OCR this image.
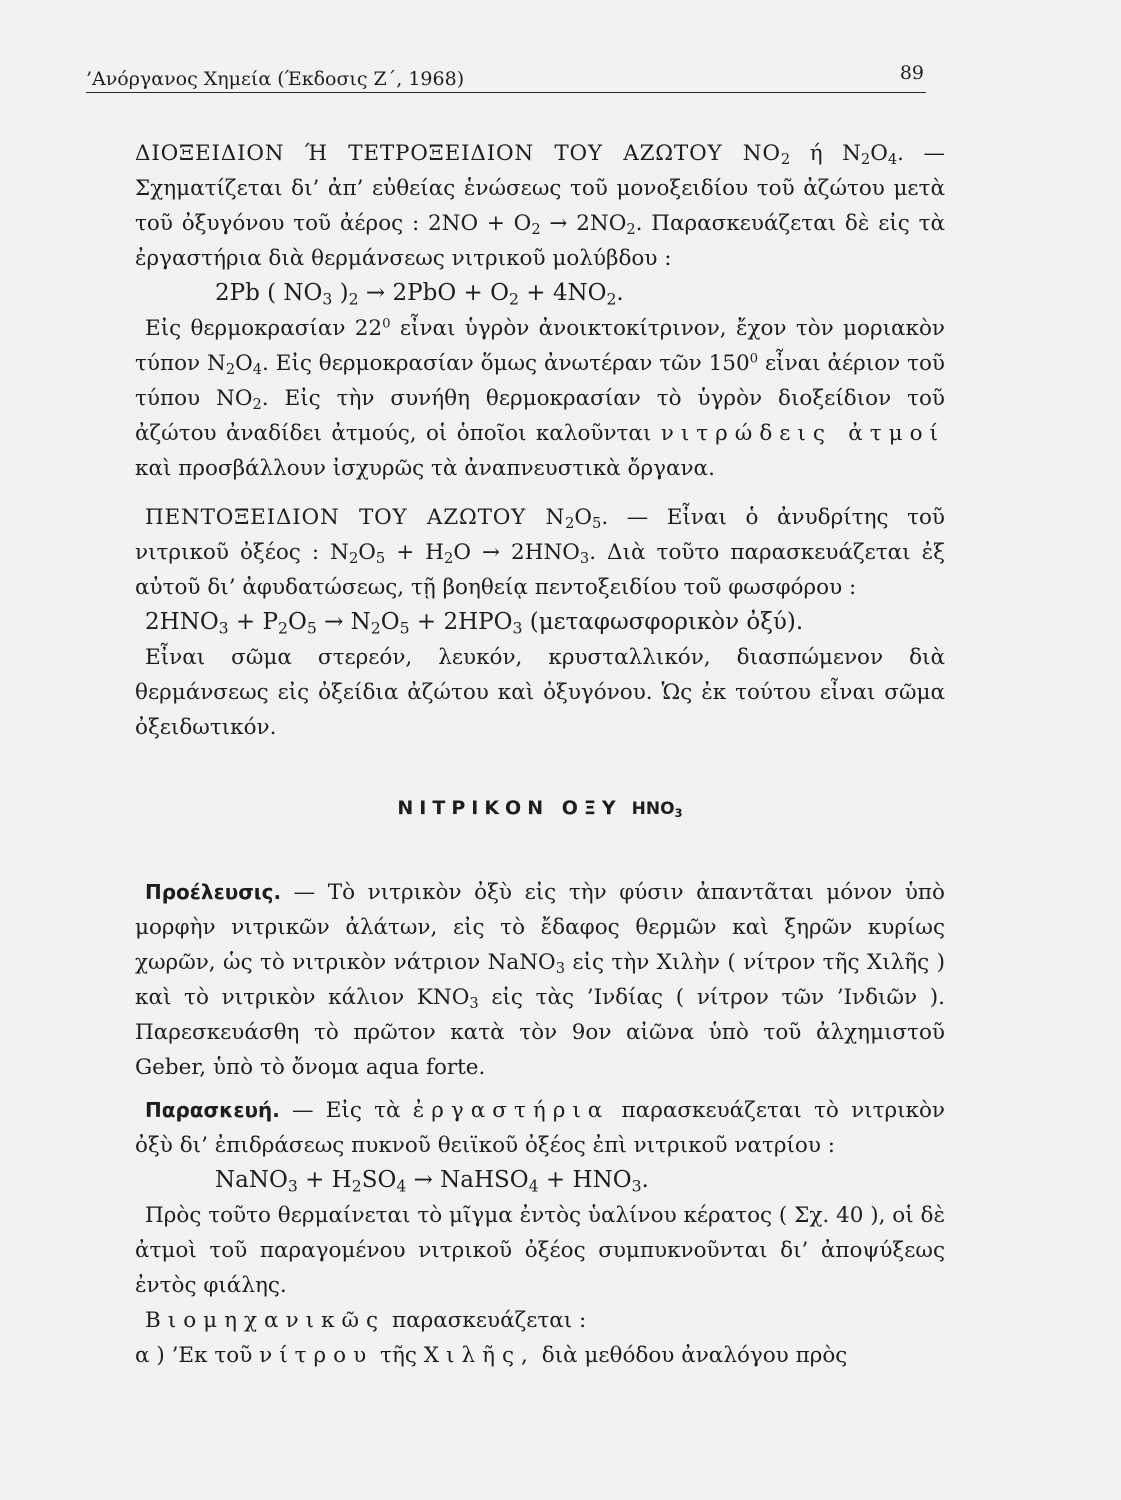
’Ανόργανος Χημεία (Έκδοσις Ζ΄, 1968)	89

ΔΙΟΞΕΙΔΙΟΝ Ή ΤΕΤΡΟΞΕΙΔΙΟΝ ΤΟΥ ΑΖΩΤΟΥ $NO_2$ ή $N_2O_4$. — Σχηματίζεται δι’ ἀπ’ εὐθείας ἑνώσεως τοῦ μονοξειδίου τοῦ ἀζώτου μετὰ τοῦ ὀξυγόνου τοῦ ἀέρος : $2NO + O_2 \to 2NO_2$. Παρασκευάζεται δὲ εἰς τὰ ἐργαστήρια διὰ θερμάνσεως νιτρικοῦ μολύβδου :

2Pb ( $NO_3$ )$_2 \to 2PbO + O_2 + 4NO_2$.

Εἰς θερμοκρασίαν $22^0$ εἶναι ὑγρὸν ἀνοικτοκίτρινον, ἔχον τὸν μοριακὸν τύπον $N_2O_4$. Εἰς θερμοκρασίαν ὅμως ἀνωτέραν τῶν $150^0$ εἶναι ἀέριον τοῦ τύπου $NO_2$. Εἰς τὴν συνήθη θερμοκρασίαν τὸ ὑγρὸν διοξείδιον τοῦ ἀζώτου ἀναδίδει ἀτμούς, οἱ ὁποῖοι καλοῦνται νιτρώδεις ἀτμοί καὶ προσβάλλουν ἰσχυρῶς τὰ ἀναπνευστικὰ ὄργανα.

ΠΕΝΤΟΞΕΙΔΙΟΝ ΤΟΥ ΑΖΩΤΟΥ $N_2O_5$. — Εἶναι ὁ ἀνυδρίτης τοῦ νιτρικοῦ ὀξέος : $N_2O_5 + H_2O \to 2HNO_3$. Διὰ τοῦτο παρασκευάζεται ἐξ αὐτοῦ δι’ ἀφυδατώσεως, τῇ βοηθείᾳ πεντοξειδίου τοῦ φωσφόρου :

$2HNO_3 + P_2O_5 \to N_2O_5 + 2HPO_3$ (μεταφωσφορικὸν ὀξύ).

Εἶναι σῶμα στερεόν, λευκόν, κρυσταλλικόν, διασπώμενον διὰ θερμάνσεως εἰς ὀξείδια ἀζώτου καὶ ὀξυγόνου. Ὡς ἐκ τούτου εἶναι σῶμα ὀξειδωτικόν.

ΝΙΤΡΙΚΟΝ ΟΞΥ $HNO_3$

Προέλευσις. — Τὸ νιτρικὸν ὀξὺ εἰς τὴν φύσιν ἀπαντᾶται μόνον ὑπὸ μορφὴν νιτρικῶν ἀλάτων, εἰς τὸ ἔδαφος θερμῶν καὶ ξηρῶν κυρίως χωρῶν, ὡς τὸ νιτρικὸν νάτριον NaNO$_3$ εἰς τὴν Χιλὴν ( νίτρον τῆς Χιλῆς ) καὶ τὸ νιτρικὸν κάλιον $KNO_3$ εἰς τὰς ’Ινδίας ( νίτρον τῶν ’Ινδιῶν ). Παρεσκευάσθη τὸ πρῶτον κατὰ τὸν 9ον αἰῶνα ὑπὸ τοῦ ἀλχημιστοῦ Geber, ὑπὸ τὸ ὄνομα aqua forte.

Παρασκευή. — Εἰς τὰ ἐργαστήρια παρασκευάζεται τὸ νιτρικὸν ὀξὺ δι’ ἐπιδράσεως πυκνοῦ θειϊκοῦ ὀξέος ἐπὶ νιτρικοῦ νατρίου :

NaNO$_3$ + $H_2SO_4$ → NaHSO$_4$ + $HNO_3$.

Πρὸς τοῦτο θερμαίνεται τὸ μῖγμα ἐντὸς ὑαλίνου κέρατος ( Σχ. 40 ), οἱ δὲ ἀτμοὶ τοῦ παραγομένου νιτρικοῦ ὀξέος συμπυκνοῦνται δι’ ἀποψύξεως ἐντὸς φιάλης.

Βιομηχανικῶς παρασκευάζεται :

α ) ’Εκ τοῦ νίτρου τῆς Χιλῆς, διὰ μεθόδου ἀναλόγου πρὸς
